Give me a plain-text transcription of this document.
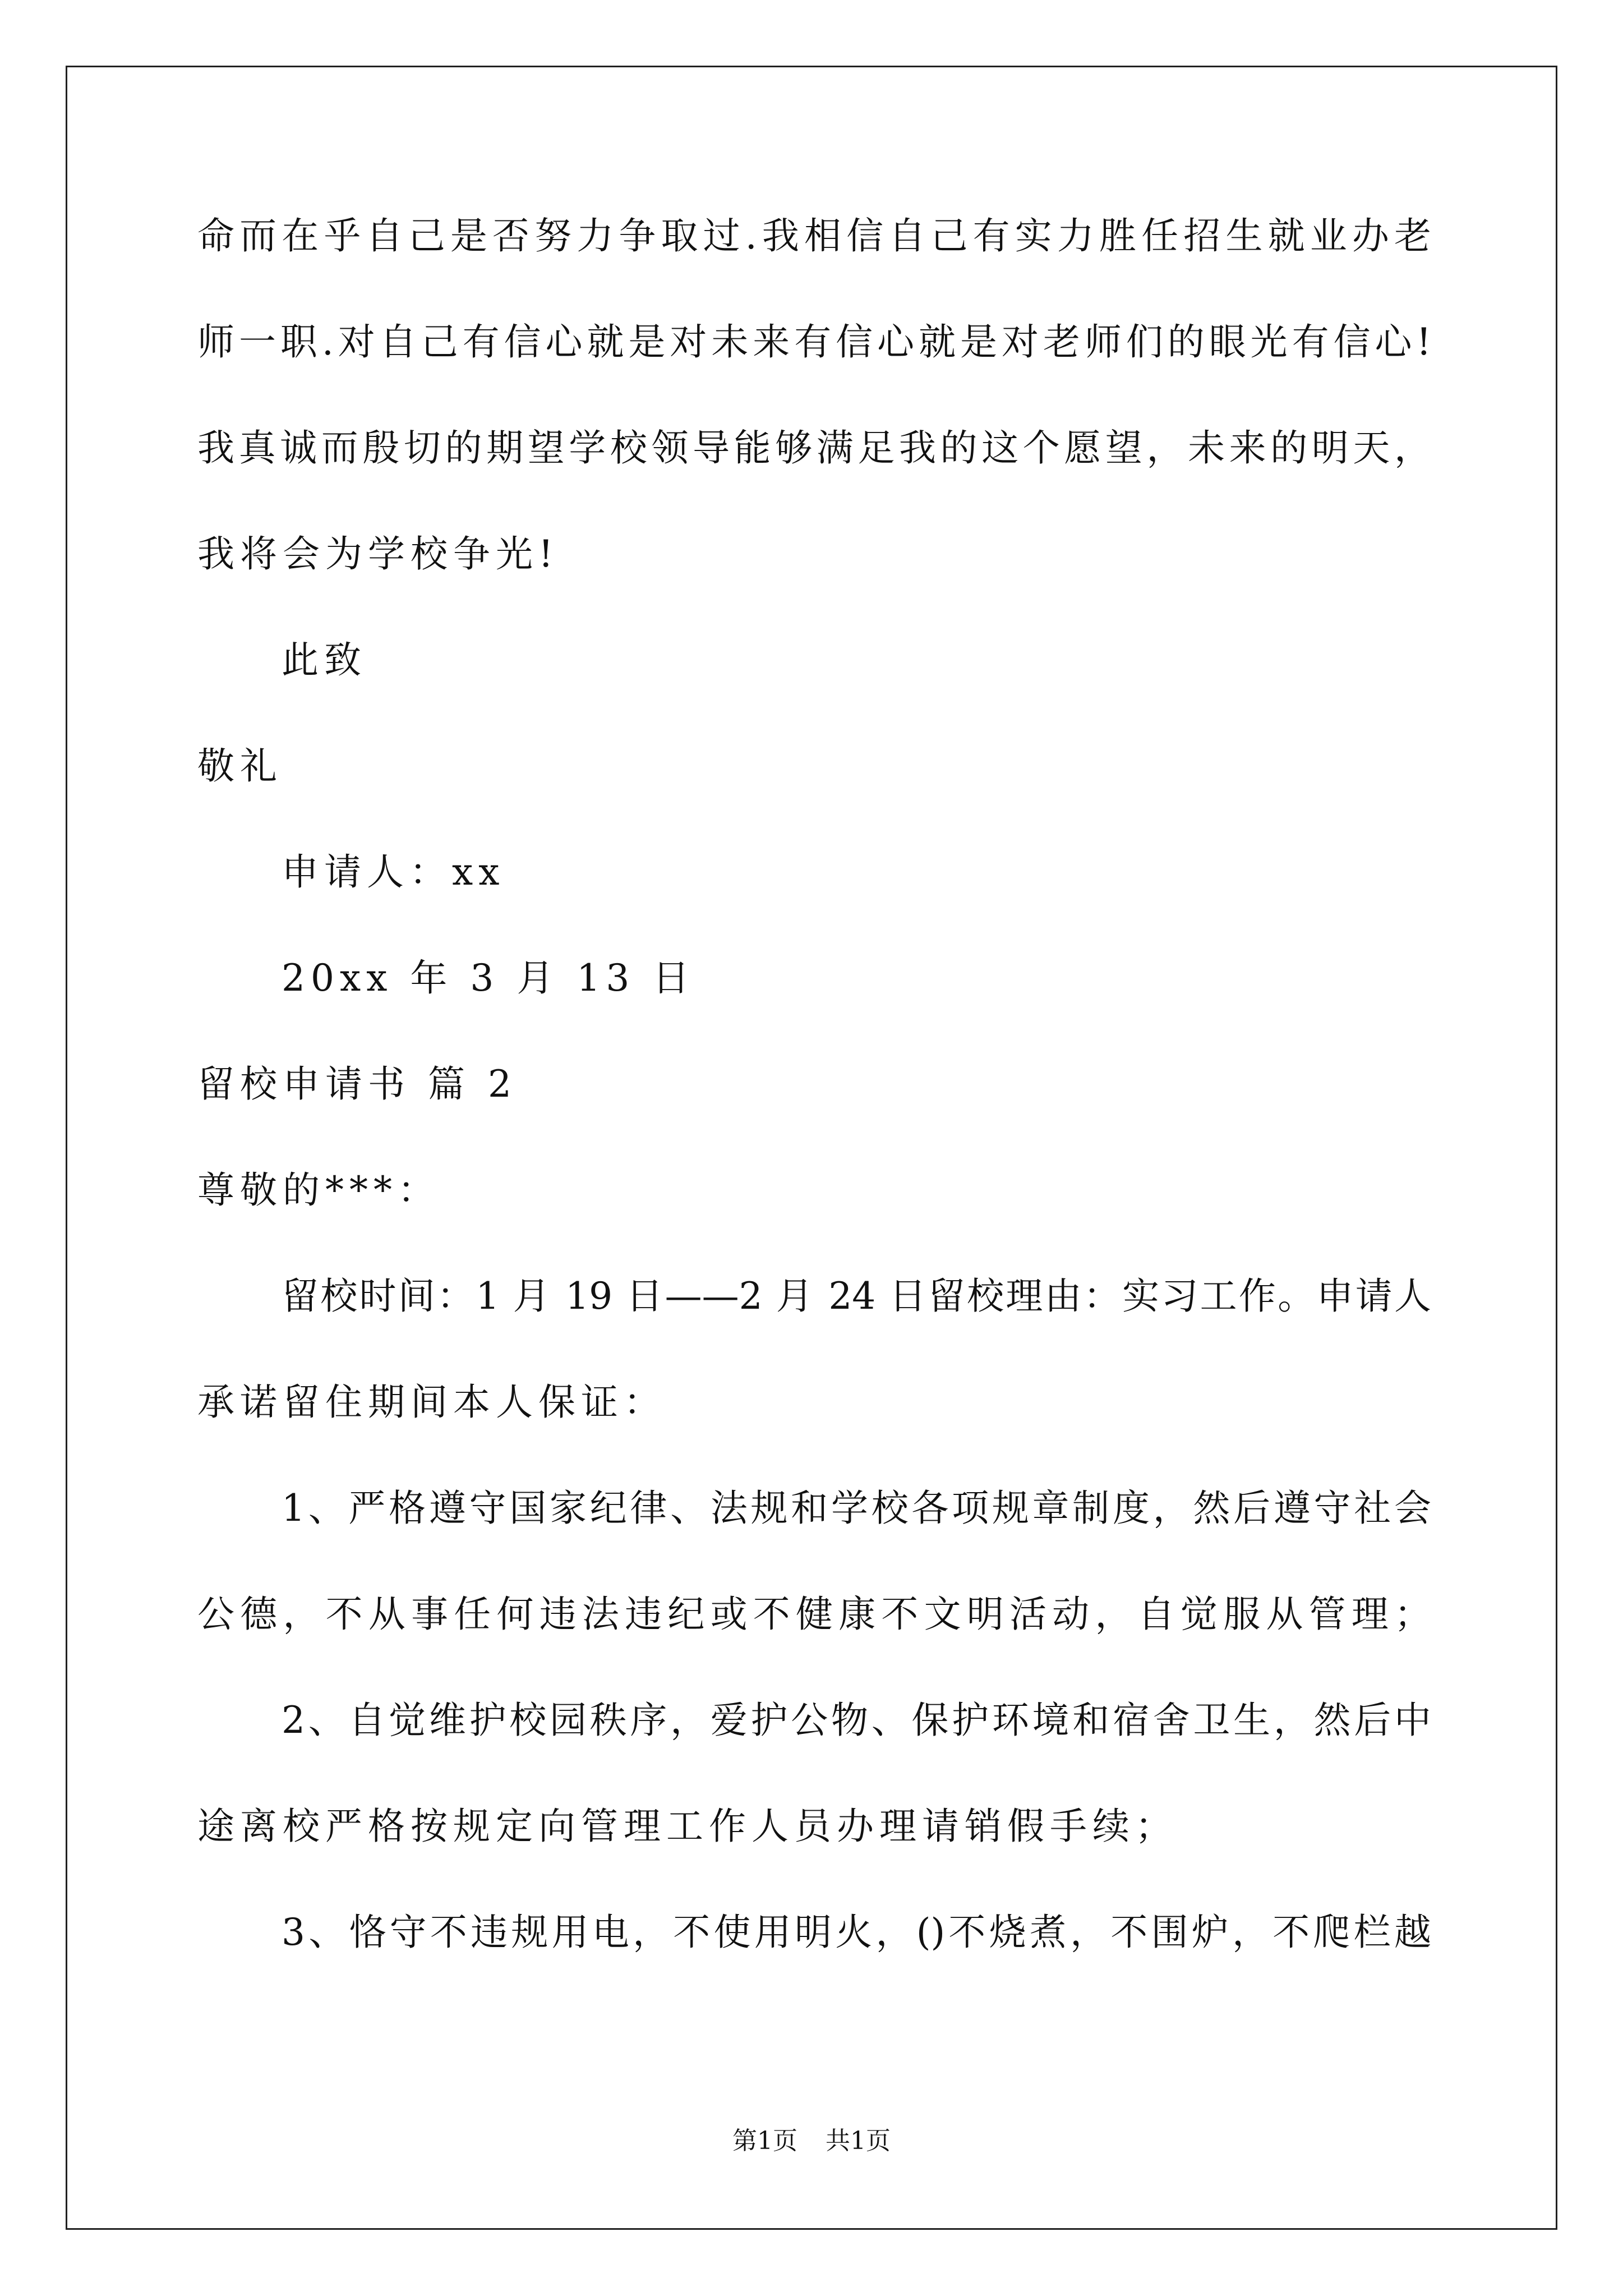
命而在乎自己是否努力争取过.我相信自己有实力胜任招生就业办老
师一职.对自己有信心就是对未来有信心就是对老师们的眼光有信心!
我真诚而殷切的期望学校领导能够满足我的这个愿望，未来的明天，
我将会为学校争光!
此致
敬礼
申请人：xx
20xx 年 3 月 13 日
留校申请书 篇 2
尊敬的***：
留校时间：1 月 19 日——2 月 24 日留校理由：实习工作。申请人
承诺留住期间本人保证：
1、严格遵守国家纪律、法规和学校各项规章制度，然后遵守社会
公德，不从事任何违法违纪或不健康不文明活动，自觉服从管理；
2、自觉维护校园秩序，爱护公物、保护环境和宿舍卫生，然后中
途离校严格按规定向管理工作人员办理请销假手续；
3、恪守不违规用电，不使用明火，()不烧煮，不围炉，不爬栏越
第1页 共1页
